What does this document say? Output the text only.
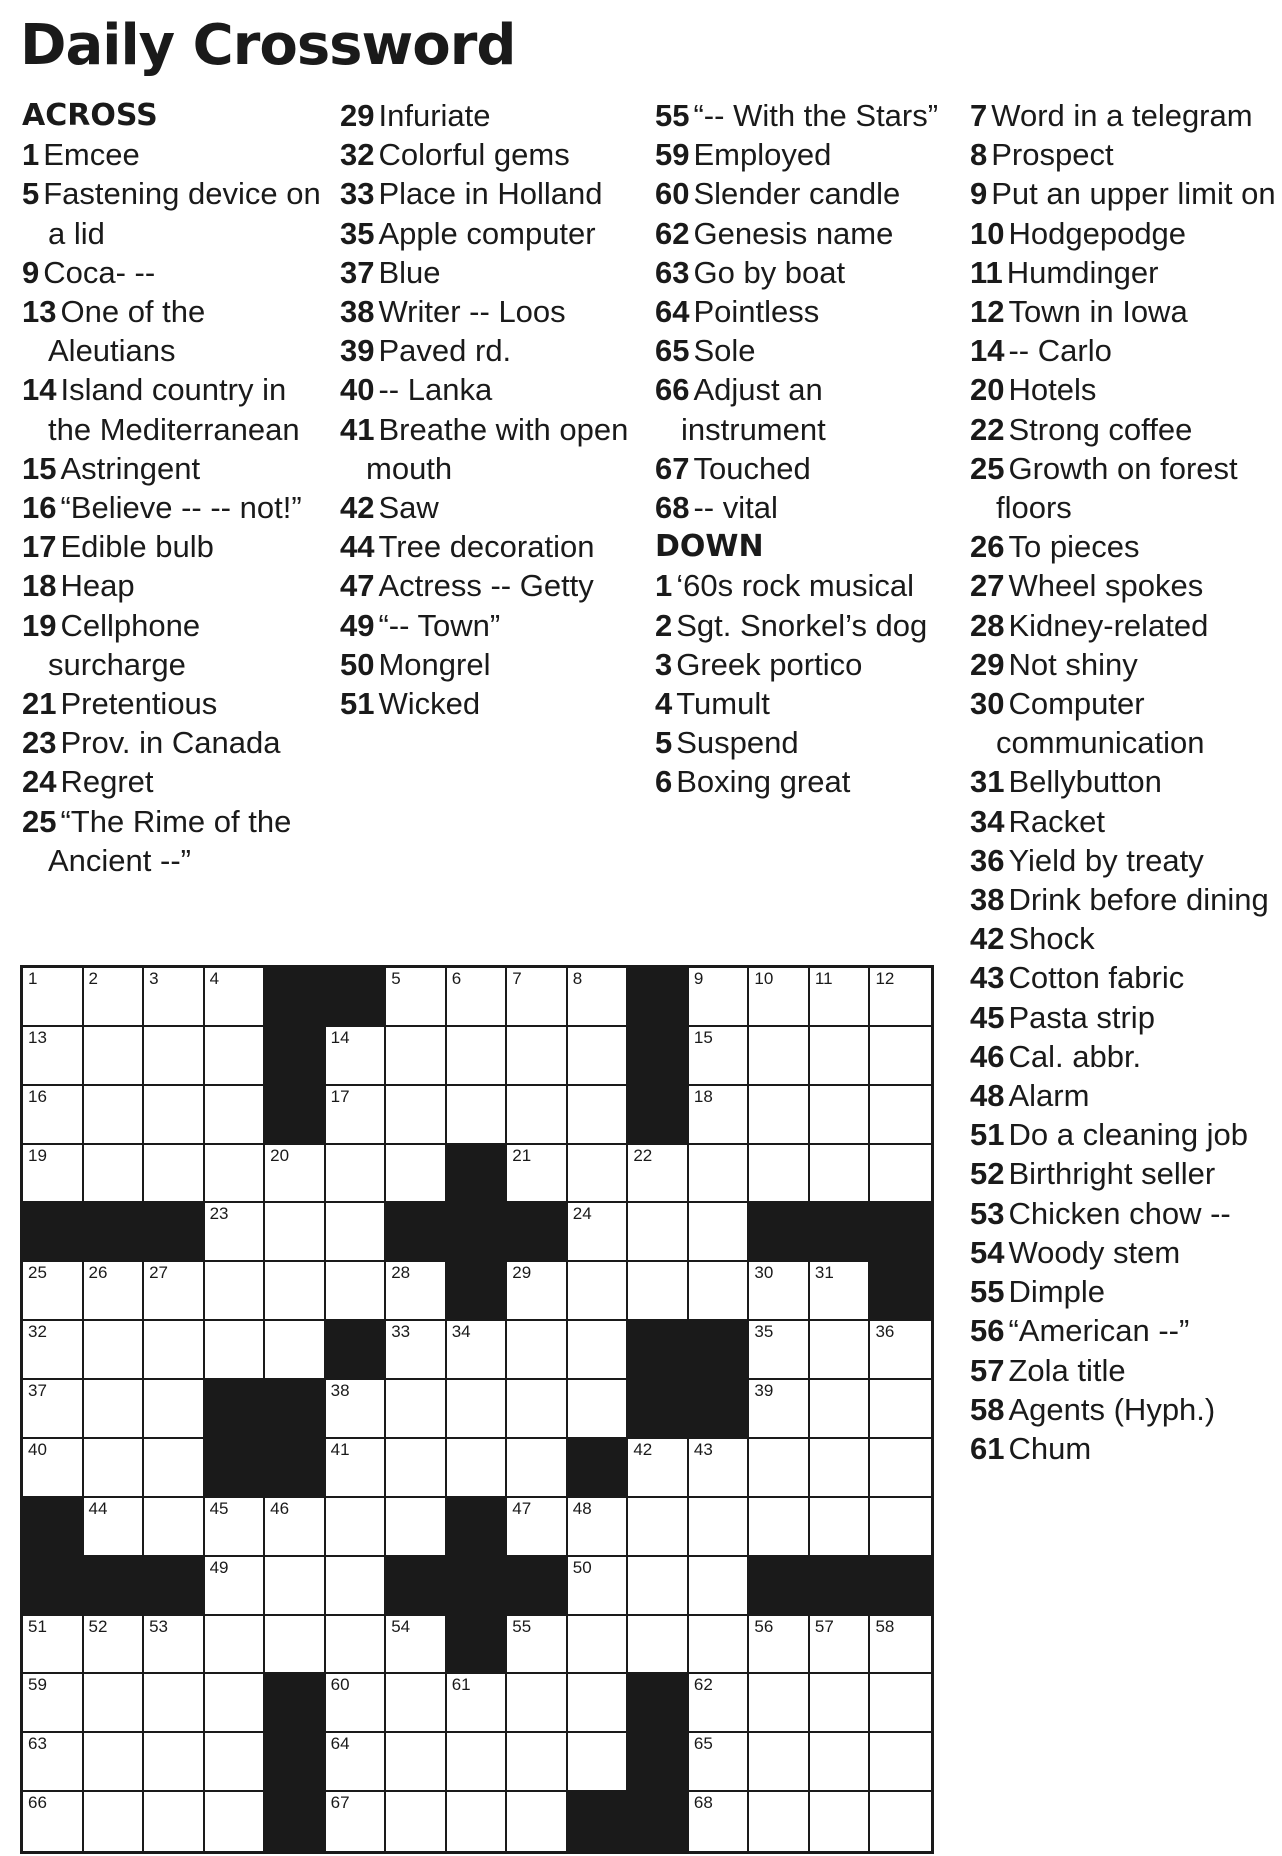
Daily Crossword
ACROSS
1 Emcee
5 Fastening device on a lid
9 Coca- --
13 One of the Aleutians
14 Island country in the Mediterranean
15 Astringent
16 “Believe -- -- not!”
17 Edible bulb
18 Heap
19 Cellphone surcharge
21 Pretentious
23 Prov. in Canada
24 Regret
25 “The Rime of the Ancient --”
29 Infuriate
32 Colorful gems
33 Place in Holland
35 Apple computer
37 Blue
38 Writer -- Loos
39 Paved rd.
40 -- Lanka
41 Breathe with open mouth
42 Saw
44 Tree decoration
47 Actress -- Getty
49 “-- Town”
50 Mongrel
51 Wicked
55 “-- With the Stars”
59 Employed
60 Slender candle
62 Genesis name
63 Go by boat
64 Pointless
65 Sole
66 Adjust an instrument
67 Touched
68 -- vital
DOWN
1 ‘60s rock musical
2 Sgt. Snorkel’s dog
3 Greek portico
4 Tumult
5 Suspend
6 Boxing great
7 Word in a telegram
8 Prospect
9 Put an upper limit on
10 Hodgepodge
11 Humdinger
12 Town in Iowa
14 -- Carlo
20 Hotels
22 Strong coffee
25 Growth on forest floors
26 To pieces
27 Wheel spokes
28 Kidney-related
29 Not shiny
30 Computer communication
31 Bellybutton
34 Racket
36 Yield by treaty
38 Drink before dining
42 Shock
43 Cotton fabric
45 Pasta strip
46 Cal. abbr.
48 Alarm
51 Do a cleaning job
52 Birthright seller
53 Chicken chow --
54 Woody stem
55 Dimple
56 “American --”
57 Zola title
58 Agents (Hyph.)
61 Chum
1	2	3	4	5	6	7	8	9	10 11	12
13	14	15
16	17	18
19	20	21	22
23	24
25 26 27	28	29	30 31
32	33 34	35	36
37	38	39
40	41	42 43
44	45 46	47 48
49	50
51 52 53	54	55	56 57 58
59	60	61	62
63	64	65
66	67	68
